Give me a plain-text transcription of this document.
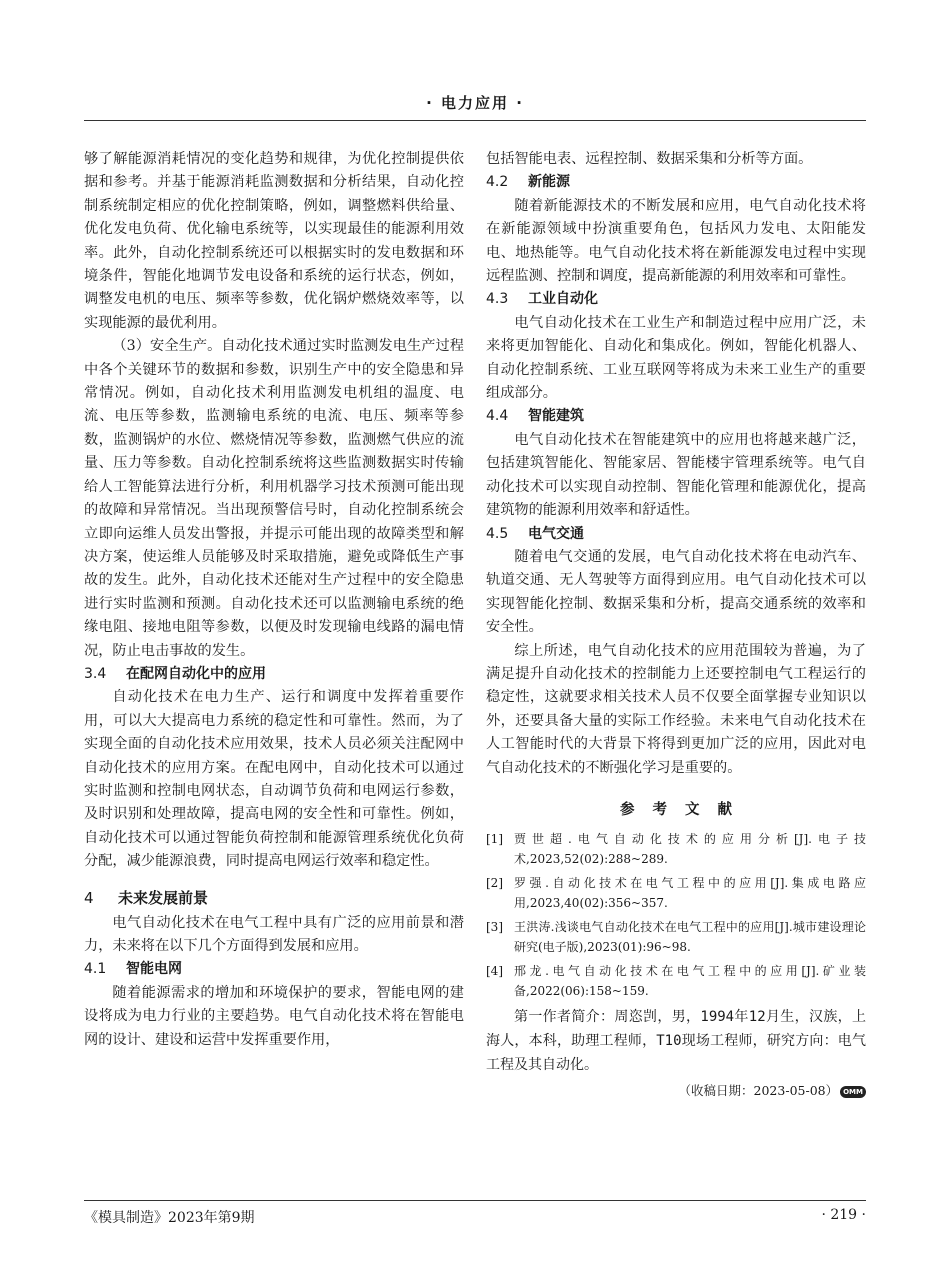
· 电力应用 ·

够了解能源消耗情况的变化趋势和规律，为优化控制提供依据和参考。并基于能源消耗监测数据和分析结果，自动化控制系统制定相应的优化控制策略，例如，调整燃料供给量、优化发电负荷、优化输电系统等，以实现最佳的能源利用效率。此外，自动化控制系统还可以根据实时的发电数据和环境条件，智能化地调节发电设备和系统的运行状态，例如，调整发电机的电压、频率等参数，优化锅炉燃烧效率等，以实现能源的最优利用。

（3）安全生产。自动化技术通过实时监测发电生产过程中各个关键环节的数据和参数，识别生产中的安全隐患和异常情况。例如，自动化技术利用监测发电机组的温度、电流、电压等参数，监测输电系统的电流、电压、频率等参数，监测锅炉的水位、燃烧情况等参数，监测燃气供应的流量、压力等参数。自动化控制系统将这些监测数据实时传输给人工智能算法进行分析，利用机器学习技术预测可能出现的故障和异常情况。当出现预警信号时，自动化控制系统会立即向运维人员发出警报，并提示可能出现的故障类型和解决方案，使运维人员能够及时采取措施，避免或降低生产事故的发生。此外，自动化技术还能对生产过程中的安全隐患进行实时监测和预测。自动化技术还可以监测输电系统的绝缘电阻、接地电阻等参数，以便及时发现输电线路的漏电情况，防止电击事故的发生。

3.4 在配网自动化中的应用

自动化技术在电力生产、运行和调度中发挥着重要作用，可以大大提高电力系统的稳定性和可靠性。然而，为了实现全面的自动化技术应用效果，技术人员必须关注配网中自动化技术的应用方案。在配电网中，自动化技术可以通过实时监测和控制电网状态，自动调节负荷和电网运行参数，及时识别和处理故障，提高电网的安全性和可靠性。例如，自动化技术可以通过智能负荷控制和能源管理系统优化负荷分配，减少能源浪费，同时提高电网运行效率和稳定性。

4 未来发展前景

电气自动化技术在电气工程中具有广泛的应用前景和潜力，未来将在以下几个方面得到发展和应用。

4.1 智能电网

随着能源需求的增加和环境保护的要求，智能电网的建设将成为电力行业的主要趋势。电气自动化技术将在智能电网的设计、建设和运营中发挥重要作用，

包括智能电表、远程控制、数据采集和分析等方面。

4.2 新能源

随着新能源技术的不断发展和应用，电气自动化技术将在新能源领域中扮演重要角色，包括风力发电、太阳能发电、地热能等。电气自动化技术将在新能源发电过程中实现远程监测、控制和调度，提高新能源的利用效率和可靠性。

4.3 工业自动化

电气自动化技术在工业生产和制造过程中应用广泛，未来将更加智能化、自动化和集成化。例如，智能化机器人、自动化控制系统、工业互联网等将成为未来工业生产的重要组成部分。

4.4 智能建筑

电气自动化技术在智能建筑中的应用也将越来越广泛，包括建筑智能化、智能家居、智能楼宇管理系统等。电气自动化技术可以实现自动控制、智能化管理和能源优化，提高建筑物的能源利用效率和舒适性。

4.5 电气交通

随着电气交通的发展，电气自动化技术将在电动汽车、轨道交通、无人驾驶等方面得到应用。电气自动化技术可以实现智能化控制、数据采集和分析，提高交通系统的效率和安全性。

综上所述，电气自动化技术的应用范围较为普遍，为了满足提升自动化技术的控制能力上还要控制电气工程运行的稳定性，这就要求相关技术人员不仅要全面掌握专业知识以外，还要具备大量的实际工作经验。未来电气自动化技术在人工智能时代的大背景下将得到更加广泛的应用，因此对电气自动化技术的不断强化学习是重要的。

参考文献
[1] 贾世超.电气自动化技术的应用分析[J].电子技术,2023,52(02):288~289.
[2] 罗强.自动化技术在电气工程中的应用[J].集成电路应用,2023,40(02):356~357.
[3] 王洪涛.浅谈电气自动化技术在电气工程中的应用[J].城市建设理论研究(电子版),2023(01):96~98.
[4] 邢龙.电气自动化技术在电气工程中的应用[J].矿业装备,2022(06):158~159.
第一作者简介：周恣剀，男，1994年12月生，汉族，上海人，本科，助理工程师，T10现场工程师，研究方向：电气工程及其自动化。
（收稿日期：2023-05-08） OMM
《模具制造》2023年第9期	· 219 ·
